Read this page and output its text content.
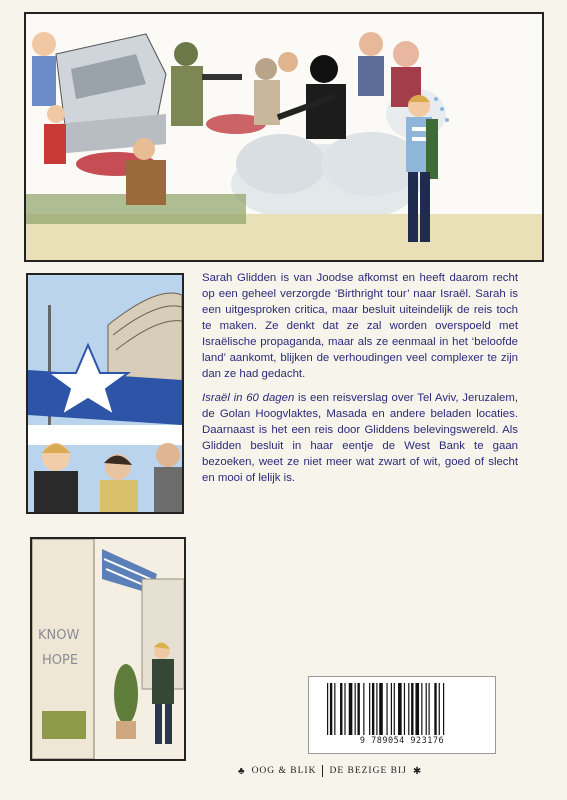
KNOW
HOPE

Sarah Glidden is van Joodse afkomst en heeft daarom recht op een geheel verzorgde ‘Birthright tour’ naar Israël. Sarah is een uitgesproken critica, maar besluit uiteindelijk de reis toch te maken. Ze denkt dat ze zal worden overspoeld met Israëlische propaganda, maar als ze eenmaal in het ‘beloofde land’ aankomt, blijken de verhoudingen veel complexer te zijn dan ze had gedacht.

Israël in 60 dagen is een reisverslag over Tel Aviv, Jeruzalem, de Golan Hoogvlaktes, Masada en andere beladen locaties. Daarnaast is het een reis door Gliddens belevingswereld. Als Glidden besluit in haar eentje de West Bank te gaan bezoeken, weet ze niet meer wat zwart of wit, goed of slecht en mooi of lelijk is.

9 789054 923176
♣ OOG & BLIK DE BEZIGE BIJ ✱
